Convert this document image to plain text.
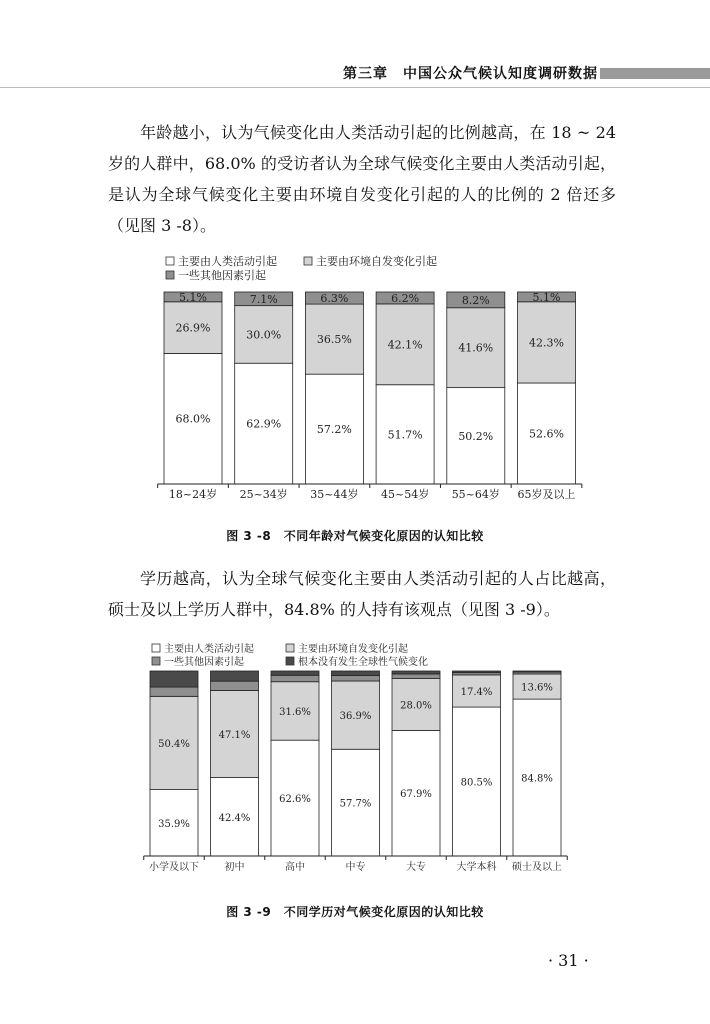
第三章　中国公众气候认知度调研数据

年龄越小，认为气候变化由人类活动引起的比例越高，在 18 ~ 24 岁的人群中，68.0% 的受访者认为全球气候变化主要由人类活动引起，是认为全球气候变化主要由环境自发变化引起的人的比例的 2 倍还多（见图 3 -8）。

主要由人类活动引起	主要由环境自发变化引起
一些其他因素引起
68.0%
26.9%
5.1%
18~24岁
62.9%
30.0%
7.1%
25~34岁
57.2%
36.5%
6.3%
35~44岁
51.7%
42.1%
6.2%
45~54岁
50.2%
41.6%
8.2%
55~64岁
52.6%
42.3%
5.1%
65岁及以上
图 3 -8　不同年龄对气候变化原因的认知比较

学历越高，认为全球气候变化主要由人类活动引起的人占比越高，硕士及以上学历人群中，84.8% 的人持有该观点（见图 3 -9）。

主要由人类活动引起	主要由环境自发变化引起
一些其他因素引起	根本没有发生全球性气候变化
35.9%
50.4%
小学及以下
42.4%
47.1%
初中
62.6%
31.6%
高中
57.7%
36.9%
中专
67.9%
28.0%
大专
80.5%
17.4%
大学本科
84.8%
13.6%
硕士及以上
图 3 -9　不同学历对气候变化原因的认知比较
· 31 ·
